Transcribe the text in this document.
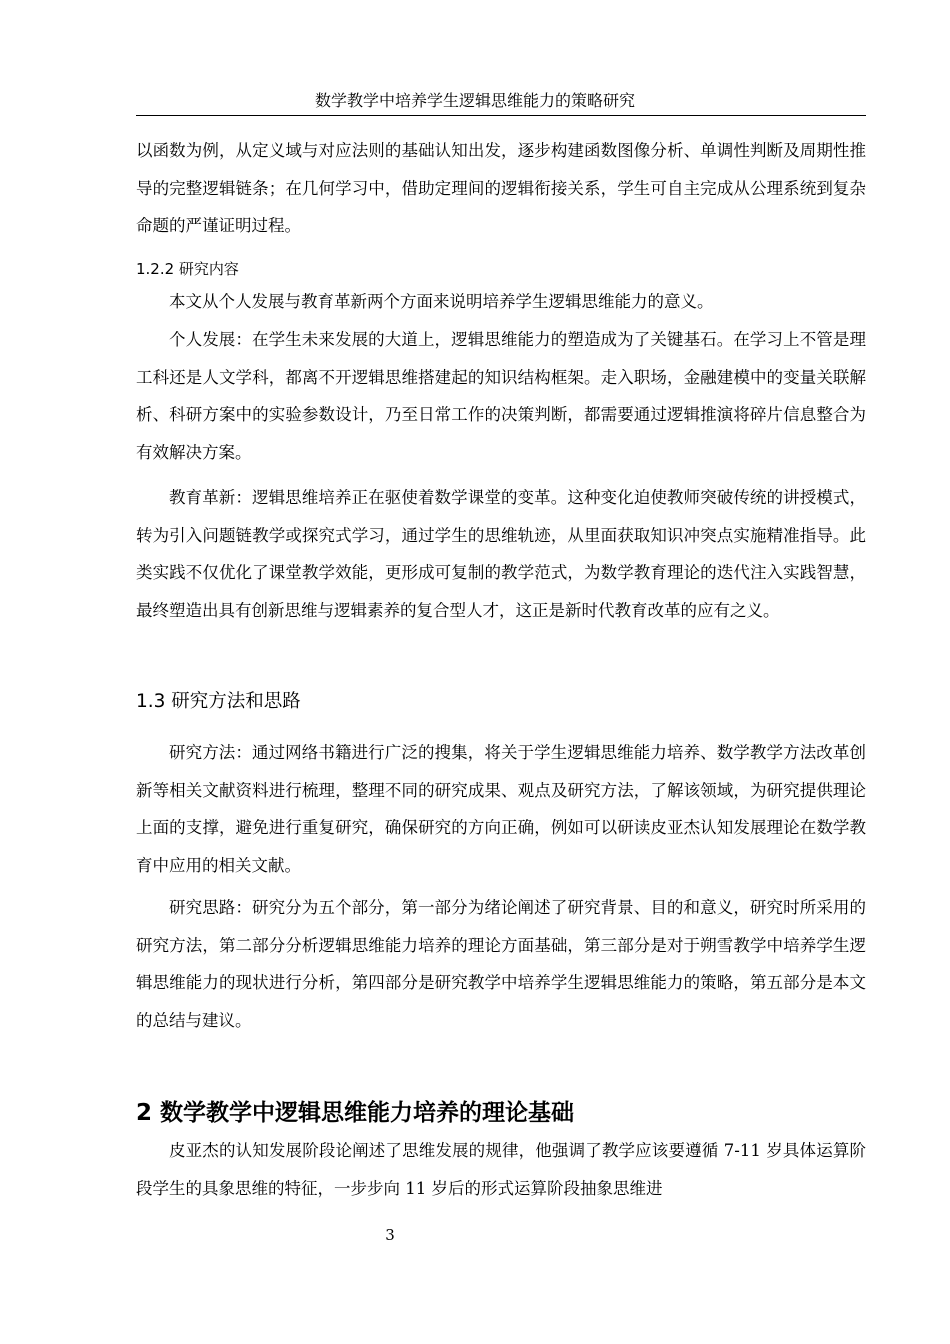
数学教学中培养学生逻辑思维能力的策略研究

以函数为例，从定义域与对应法则的基础认知出发，逐步构建函数图像分析、单调性判断及周期性推导的完整逻辑链条；在几何学习中，借助定理间的逻辑衔接关系，学生可自主完成从公理系统到复杂命题的严谨证明过程。

1.2.2 研究内容

本文从个人发展与教育革新两个方面来说明培养学生逻辑思维能力的意义。

个人发展：在学生未来发展的大道上，逻辑思维能力的塑造成为了关键基石。在学习上不管是理工科还是人文学科，都离不开逻辑思维搭建起的知识结构框架。走入职场，金融建模中的变量关联解析、科研方案中的实验参数设计，乃至日常工作的决策判断，都需要通过逻辑推演将碎片信息整合为有效解决方案。

教育革新：逻辑思维培养正在驱使着数学课堂的变革。这种变化迫使教师突破传统的讲授模式，转为引入问题链教学或探究式学习，通过学生的思维轨迹，从里面获取知识冲突点实施精准指导。此类实践不仅优化了课堂教学效能，更形成可复制的教学范式，为数学教育理论的迭代注入实践智慧，最终塑造出具有创新思维与逻辑素养的复合型人才，这正是新时代教育改革的应有之义。

1.3 研究方法和思路

研究方法：通过网络书籍进行广泛的搜集，将关于学生逻辑思维能力培养、数学教学方法改革创新等相关文献资料进行梳理，整理不同的研究成果、观点及研究方法，了解该领域，为研究提供理论上面的支撑，避免进行重复研究，确保研究的方向正确，例如可以研读皮亚杰认知发展理论在数学教育中应用的相关文献。

研究思路：研究分为五个部分，第一部分为绪论阐述了研究背景、目的和意义，研究时所采用的研究方法，第二部分分析逻辑思维能力培养的理论方面基础，第三部分是对于朔雪教学中培养学生逻辑思维能力的现状进行分析，第四部分是研究教学中培养学生逻辑思维能力的策略，第五部分是本文的总结与建议。

2 数学教学中逻辑思维能力培养的理论基础

皮亚杰的认知发展阶段论阐述了思维发展的规律，他强调了教学应该要遵循 7-11 岁具体运算阶段学生的具象思维的特征，一步步向 11 岁后的形式运算阶段抽象思维进

3
